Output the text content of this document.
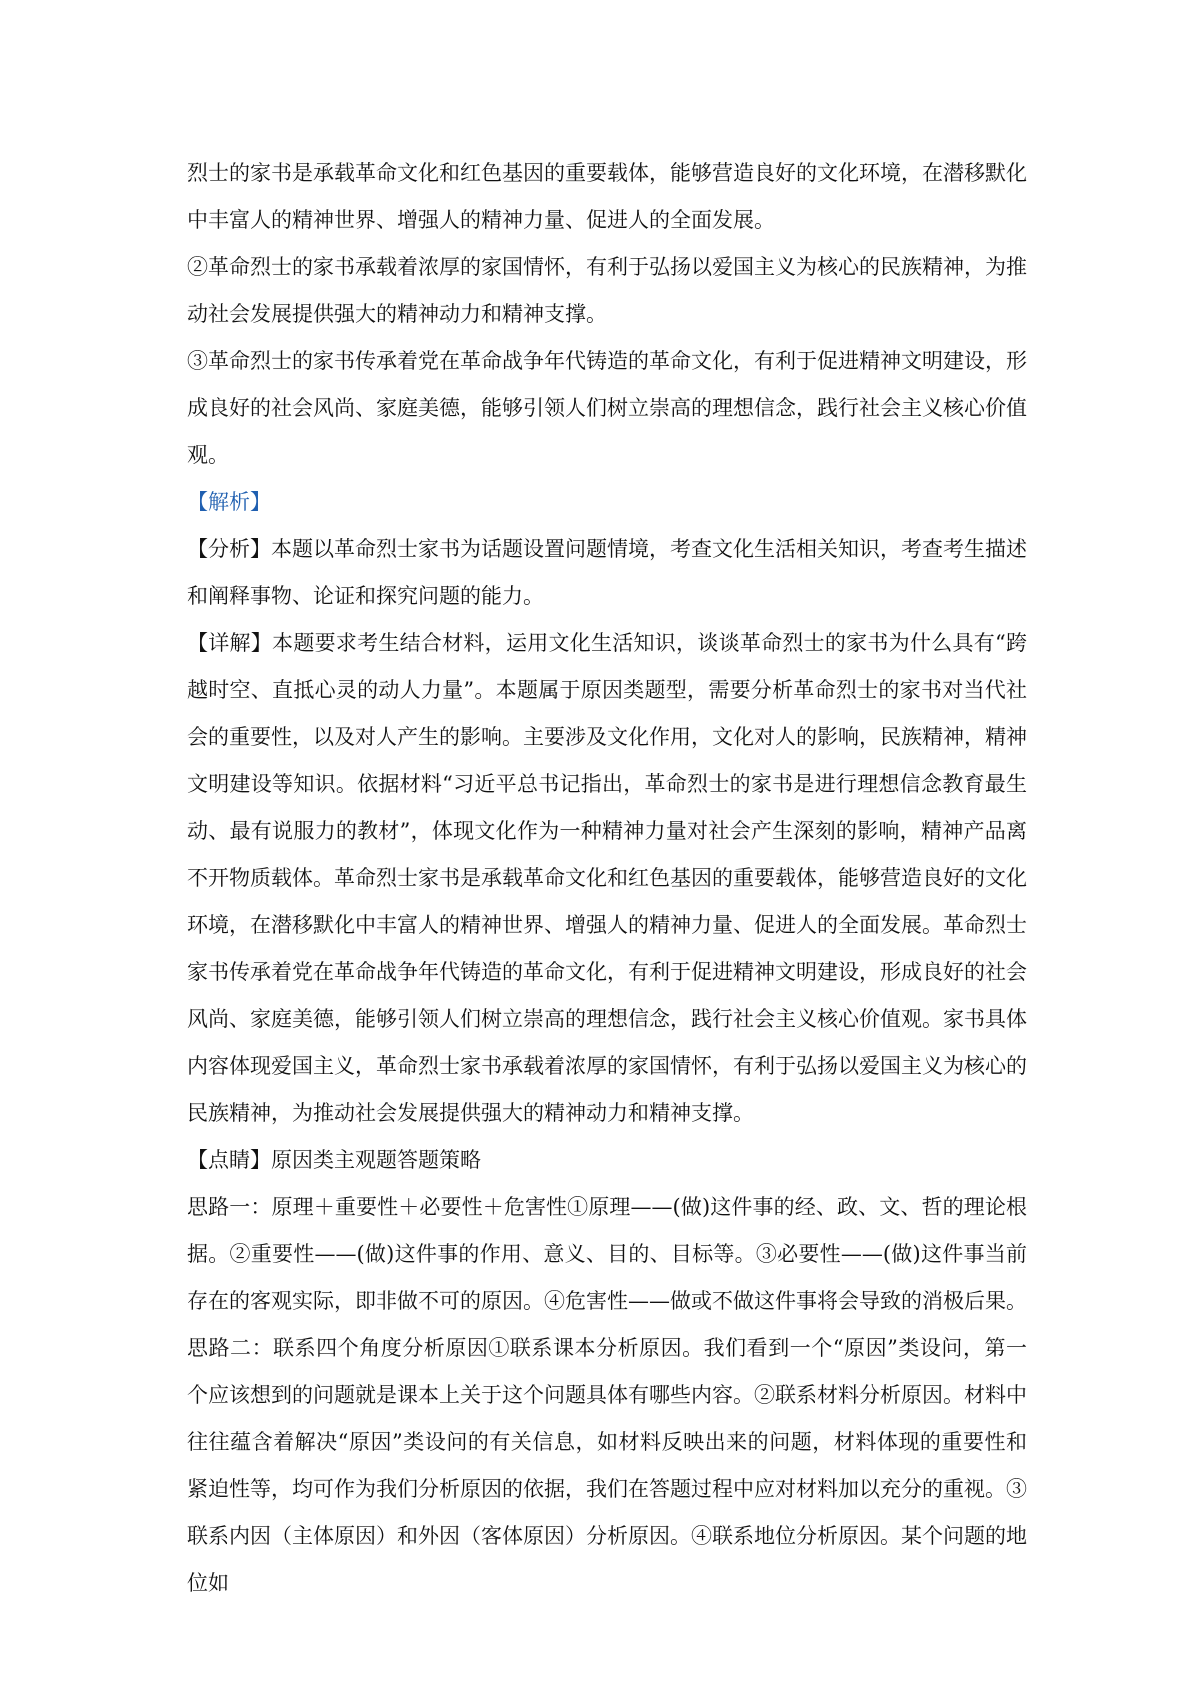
烈士的家书是承载革命文化和红色基因的重要载体，能够营造良好的文化环境，在潜移默化中丰富人的精神世界、增强人的精神力量、促进人的全面发展。

②革命烈士的家书承载着浓厚的家国情怀，有利于弘扬以爱国主义为核心的民族精神，为推动社会发展提供强大的精神动力和精神支撑。

③革命烈士的家书传承着党在革命战争年代铸造的革命文化，有利于促进精神文明建设，形成良好的社会风尚、家庭美德，能够引领人们树立崇高的理想信念，践行社会主义核心价值观。

【解析】

【分析】本题以革命烈士家书为话题设置问题情境，考查文化生活相关知识，考查考生描述和阐释事物、论证和探究问题的能力。

【详解】本题要求考生结合材料，运用文化生活知识，谈谈革命烈士的家书为什么具有“跨越时空、直抵心灵的动人力量”。本题属于原因类题型，需要分析革命烈士的家书对当代社会的重要性，以及对人产生的影响。主要涉及文化作用，文化对人的影响，民族精神，精神文明建设等知识。依据材料“习近平总书记指出，革命烈士的家书是进行理想信念教育最生动、最有说服力的教材”，体现文化作为一种精神力量对社会产生深刻的影响，精神产品离不开物质载体。革命烈士家书是承载革命文化和红色基因的重要载体，能够营造良好的文化环境，在潜移默化中丰富人的精神世界、增强人的精神力量、促进人的全面发展。革命烈士家书传承着党在革命战争年代铸造的革命文化，有利于促进精神文明建设，形成良好的社会风尚、家庭美德，能够引领人们树立崇高的理想信念，践行社会主义核心价值观。家书具体内容体现爱国主义，革命烈士家书承载着浓厚的家国情怀，有利于弘扬以爱国主义为核心的民族精神，为推动社会发展提供强大的精神动力和精神支撑。

【点睛】原因类主观题答题策略

思路一：原理＋重要性＋必要性＋危害性①原理——(做)这件事的经、政、文、哲的理论根据。②重要性——(做)这件事的作用、意义、目的、目标等。③必要性——(做)这件事当前存在的客观实际，即非做不可的原因。④危害性——做或不做这件事将会导致的消极后果。

思路二：联系四个角度分析原因①联系课本分析原因。我们看到一个“原因”类设问，第一个应该想到的问题就是课本上关于这个问题具体有哪些内容。②联系材料分析原因。材料中往往蕴含着解决“原因”类设问的有关信息，如材料反映出来的问题，材料体现的重要性和紧迫性等，均可作为我们分析原因的依据，我们在答题过程中应对材料加以充分的重视。③联系内因（主体原因）和外因（客体原因）分析原因。④联系地位分析原因。某个问题的地位如
